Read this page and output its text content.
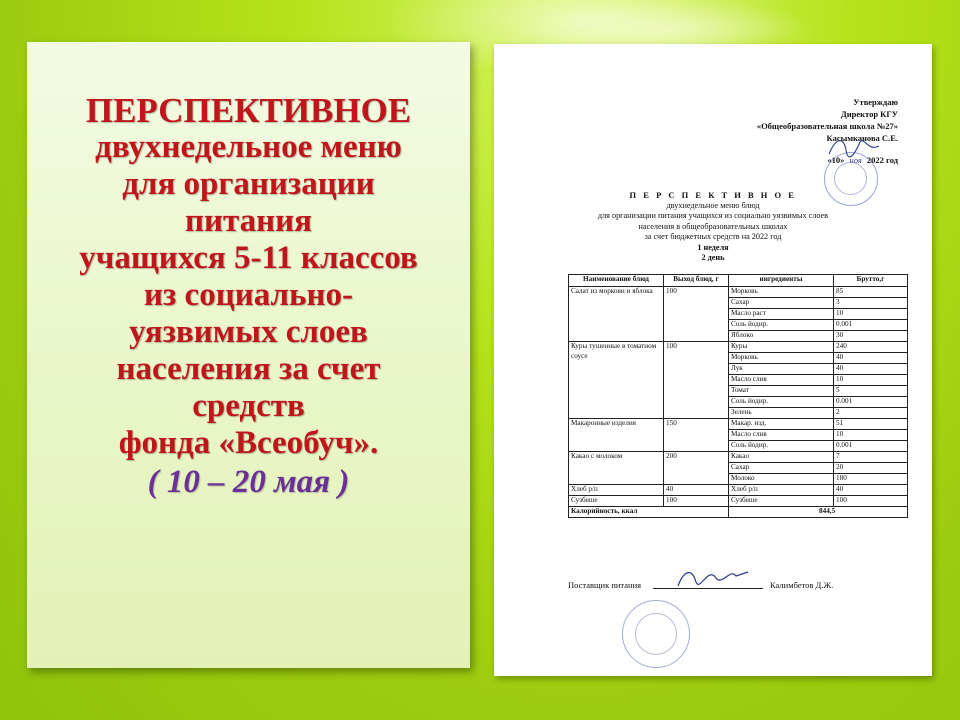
ПЕРСПЕКТИВНОЕ
двухнедельное меню
для организации
питания
учащихся 5-11 классов
из социально-
уязвимых слоев
населения за счет
средств
фонда «Всеобуч».
( 10 – 20 мая )
Утверждаю
Директор КГУ
«Общеобразовательная школа №27»
Касымканова С.Е.
«10» ноя 2022 год
П Е Р С П Е К Т И В Н О Е
двухнедельное меню блюд
для организации питания учащихся из социально уязвимых слоев
населения в общеобразовательных школах
за счет бюджетных средств на 2022 год
1 неделя
2 день
Наименование блюд	Выход блюд, г	ингредиенты	Брутто,г
Салат из моркови и яблока	100	Морковь	85
		Сахар	3
		Масло раст	10
		Соль йодир.	0.001
		Яблоко	30
Куры тушенные в томатном соусе	100	Куры	240
		Морковь	40
		Лук	40
		Масло слив	10
		Томат	5
		Соль йодир.	0.001
		Зелень	2
Макаронные изделия	150	Макар. изд.	51
		Масло слив	10
		Соль йодир.	0.001
Какао с молоком	200	Какао	7
		Сахар	20
		Молоко	180
Хлеб р/п	40	Хлеб р/п	40
Сузбеше	100	Сузбеше	100
Калорийность, ккал		844,5	
Поставщик питания	Калимбетов Д.Ж.
